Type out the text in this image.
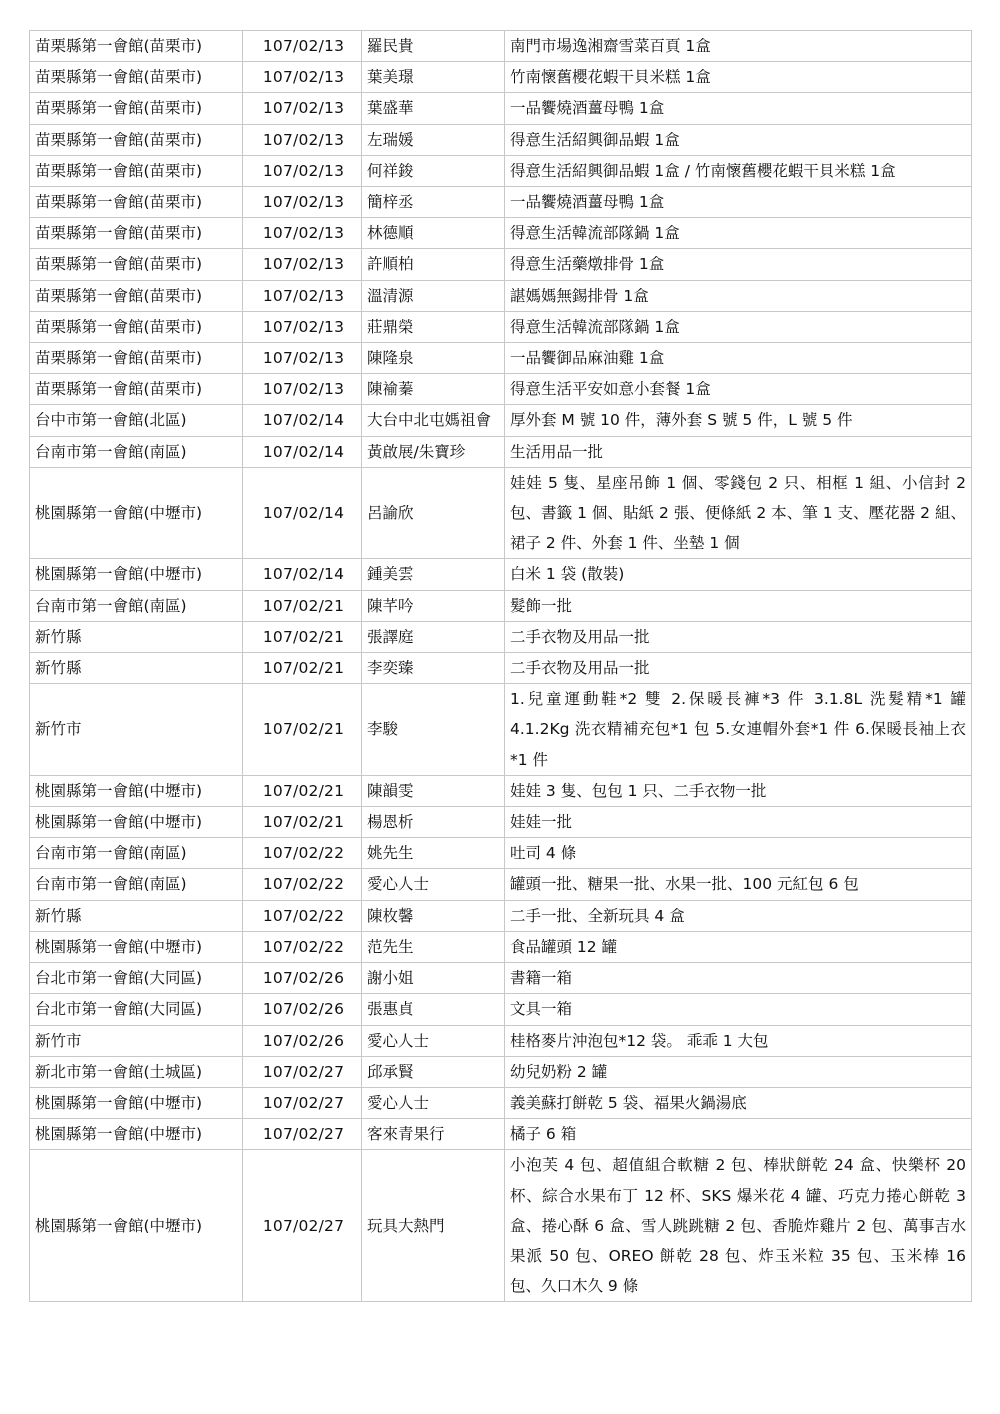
苗栗縣第一會館(苗栗市)	107/02/13	羅民貴	南門市場逸湘齋雪菜百頁 1盒
苗栗縣第一會館(苗栗市)	107/02/13	葉美璟	竹南懷舊櫻花蝦干貝米糕 1盒
苗栗縣第一會館(苗栗市)	107/02/13	葉盛華	一品饗燒酒薑母鴨 1盒
苗栗縣第一會館(苗栗市)	107/02/13	左瑞媛	得意生活紹興御品蝦 1盒
苗栗縣第一會館(苗栗市)	107/02/13	何祥鋑	得意生活紹興御品蝦 1盒 / 竹南懷舊櫻花蝦干貝米糕 1盒
苗栗縣第一會館(苗栗市)	107/02/13	簡梓丞	一品饗燒酒薑母鴨 1盒
苗栗縣第一會館(苗栗市)	107/02/13	林德順	得意生活韓流部隊鍋 1盒
苗栗縣第一會館(苗栗市)	107/02/13	許順柏	得意生活藥燉排骨 1盒
苗栗縣第一會館(苗栗市)	107/02/13	溫清源	諶媽媽無錫排骨 1盒
苗栗縣第一會館(苗栗市)	107/02/13	莊鼎榮	得意生活韓流部隊鍋 1盒
苗栗縣第一會館(苗栗市)	107/02/13	陳隆泉	一品饗御品麻油雞 1盒
苗栗縣第一會館(苗栗市)	107/02/13	陳褕蓁	得意生活平安如意小套餐 1盒
台中市第一會館(北區)	107/02/14	大台中北屯媽祖會	厚外套 M 號 10 件，薄外套 S 號 5 件，L 號 5 件
台南市第一會館(南區)	107/02/14	黃啟展/朱寶珍	生活用品一批
桃園縣第一會館(中壢市)	107/02/14	呂諭欣	娃娃 5 隻、星座吊飾 1 個、零錢包 2 只、相框 1 組、小信封 2 包、書籤 1 個、貼紙 2 張、便條紙 2 本、筆 1 支、壓花器 2 組、裙子 2 件、外套 1 件、坐墊 1 個
桃園縣第一會館(中壢市)	107/02/14	鍾美雲	白米 1 袋 (散裝)
台南市第一會館(南區)	107/02/21	陳芊吟	髮飾一批
新竹縣	107/02/21	張譯庭	二手衣物及用品一批
新竹縣	107/02/21	李奕臻	二手衣物及用品一批
新竹市	107/02/21	李駿	1.兒童運動鞋*2 雙 2.保暖長褲*3 件 3.1.8L 洗髮精*1 罐 4.1.2Kg 洗衣精補充包*1 包 5.女連帽外套*1 件 6.保暖長袖上衣*1 件
桃園縣第一會館(中壢市)	107/02/21	陳韻雯	娃娃 3 隻、包包 1 只、二手衣物一批
桃園縣第一會館(中壢市)	107/02/21	楊恩析	娃娃一批
台南市第一會館(南區)	107/02/22	姚先生	吐司 4 條
台南市第一會館(南區)	107/02/22	愛心人士	罐頭一批、糖果一批、水果一批、100 元紅包 6 包
新竹縣	107/02/22	陳枚馨	二手一批、全新玩具 4 盒
桃園縣第一會館(中壢市)	107/02/22	范先生	食品罐頭 12 罐
台北市第一會館(大同區)	107/02/26	謝小姐	書籍一箱
台北市第一會館(大同區)	107/02/26	張惠貞	文具一箱
新竹市	107/02/26	愛心人士	桂格麥片沖泡包*12 袋。 乖乖 1 大包
新北市第一會館(土城區)	107/02/27	邱承賢	幼兒奶粉 2 罐
桃園縣第一會館(中壢市)	107/02/27	愛心人士	義美蘇打餅乾 5 袋、福果火鍋湯底
桃園縣第一會館(中壢市)	107/02/27	客來青果行	橘子 6 箱
桃園縣第一會館(中壢市)	107/02/27	玩具大熱門	小泡芙 4 包、超值組合軟糖 2 包、棒狀餅乾 24 盒、快樂杯 20 杯、綜合水果布丁 12 杯、SKS 爆米花 4 罐、巧克力捲心餅乾 3 盒、捲心酥 6 盒、雪人跳跳糖 2 包、香脆炸雞片 2 包、萬事吉水果派 50 包、OREO 餅乾 28 包、炸玉米粒 35 包、玉米棒 16 包、久口木久 9 條
